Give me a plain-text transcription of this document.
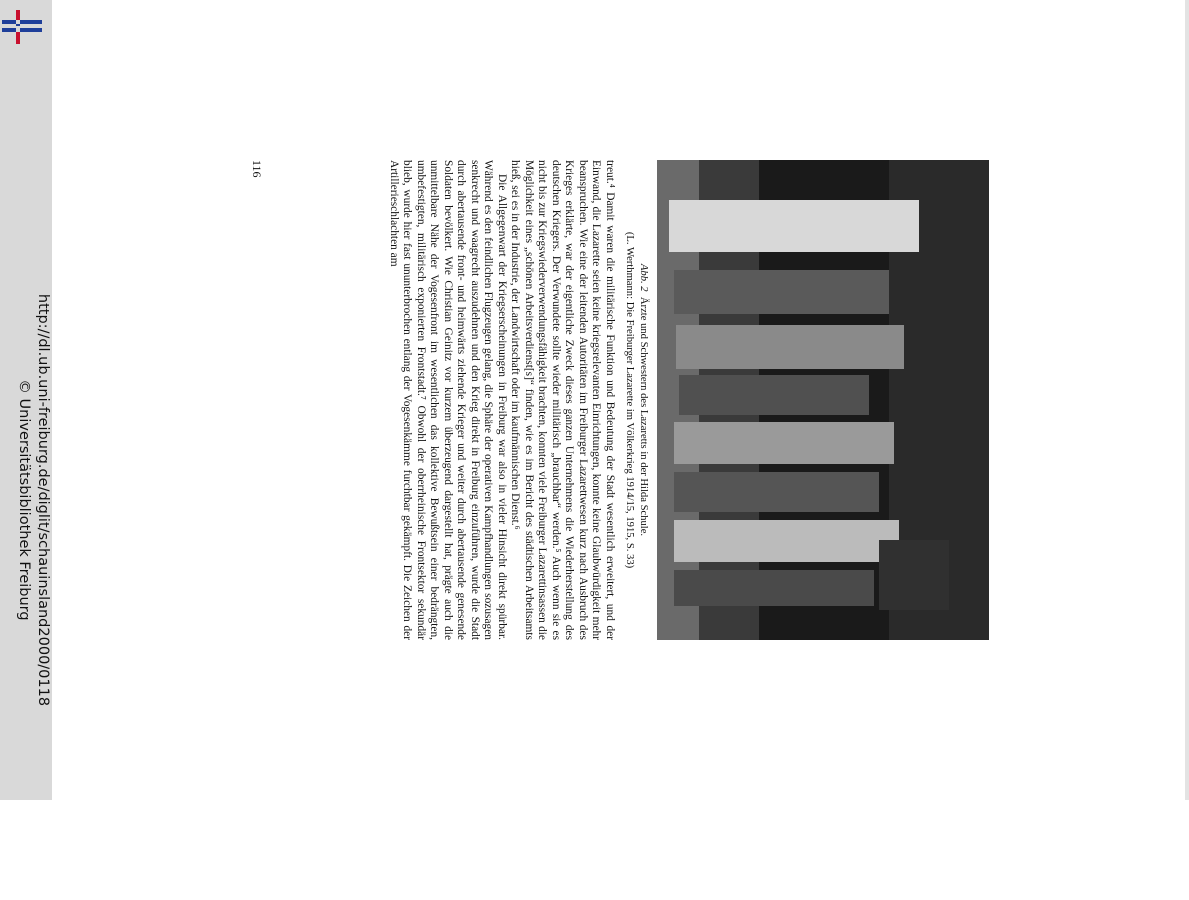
http://dl.ub.uni-freiburg.de/diglit/schauinsland2000/0118
© Universitätsbibliothek Freiburg
Abb. 2  Ärzte und Schwestern des Lazaretts in der Hilda Schule.
(L. Werthmann: Die Freiburger Lazarette im Völkerkrieg 1914/15, 1915, S. 33)

treut.⁴ Damit waren die militärische Funktion und Bedeutung der Stadt wesentlich erweitert, und der Einwand, die Lazarette seien keine kriegsrelevanten Einrichtungen, konnte keine Glaubwürdigkeit mehr beanspruchen. Wie eine der leitenden Autoritäten im Freiburger Lazarettwesen kurz nach Ausbruch des Krieges erklärte, war der eigentliche Zweck dieses ganzen Unternehmens die Wiederherstellung des deutschen Kriegers. Der Verwundete sollte wieder militärisch „brauchbar“ werden.⁵ Auch wenn sie es nicht bis zur Kriegswiederverwendungsfähigkeit brachten, konnten viele Freiburger Lazarettinsassen die Möglichkeit eines „schönen Arbeitsverdienst[s]“ finden, wie es im Bericht des städtischen Arbeitsamts hieß, sei es in der Industrie, der Landwirtschaft oder im kaufmännischen Dienst.⁶

Die Allgegenwart der Kriegserscheinungen in Freiburg war also in vieler Hinsicht direkt spürbar. Während es den feindlichen Flugzeugen gelang, die Sphäre der operativen Kampfhandlungen sozusagen senkrecht und waagrecht auszudehnen und den Krieg direkt in Freiburg einzuführen, wurde die Stadt durch abertausende front- und heimwärts ziehende Krieger und weiter durch abertausende genesende Soldaten bevölkert. Wie Christian Geinitz vor kurzem überzeugend dargestellt hat, prägte auch die unmittelbare Nähe der Vogesenfront im wesentlichen das kollektive Bewußtsein einer bedrängten, umbefestigten, militärisch exponierten Frontstadt.⁷ Obwohl der oberrheinische Frontsektor sekundär blieb, wurde hier fast ununterbrochen entlang der Vogesenkämme furchtbar gekämpft. Die Zeichen der Artillerieschlachten am

116
